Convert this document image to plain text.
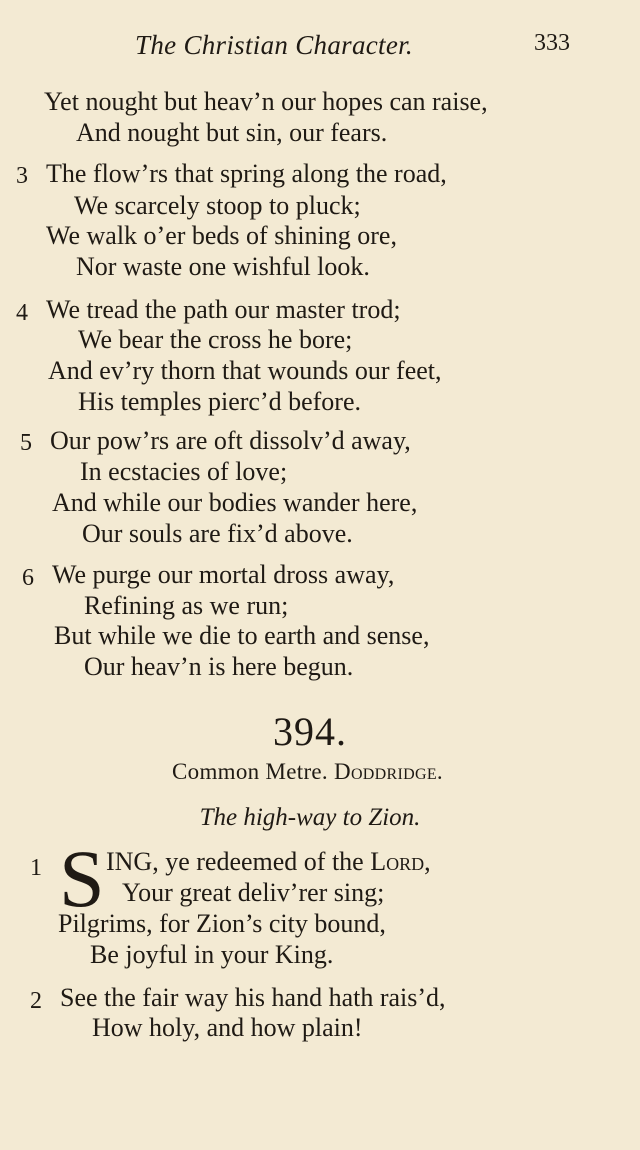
The Christian Character.	333
Yet nought but heav’n our hopes can raise,
And nought but sin, our fears.
3 The flow’rs that spring along the road,
We scarcely stoop to pluck;
We walk o’er beds of shining ore,
Nor waste one wishful look.
4 We tread the path our master trod;
We bear the cross he bore;
And ev’ry thorn that wounds our feet,
His temples pierc’d before.
5 Our pow’rs are oft dissolv’d away,
In ecstacies of love;
And while our bodies wander here,
Our souls are fix’d above.
6 We purge our mortal dross away,
Refining as we run;
But while we die to earth and sense,
Our heav’n is here begun.
394.
Common Metre. Doddridge.
The high-way to Zion.
1 S ING, ye redeemed of the Lord,
Your great deliv’rer sing;
Pilgrims, for Zion’s city bound,
Be joyful in your King.
2 See the fair way his hand hath rais’d,
How holy, and how plain!
